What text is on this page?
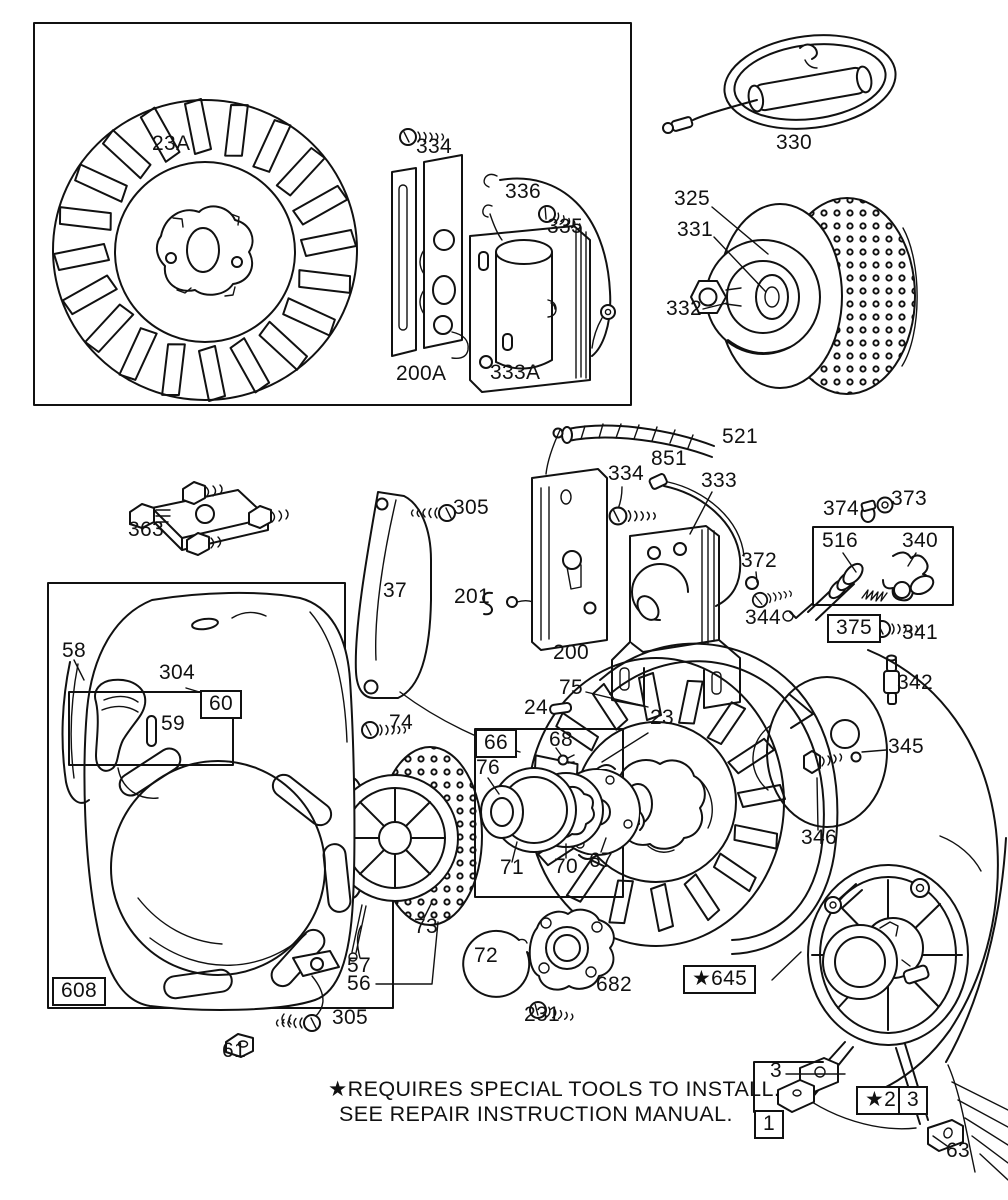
23A	334
336
335
200A 333A
330
325
331
332
521
851
334	333
363
305
37 201
200
372
344
374 373
516 340
375	341
342
58
304
60
59	74
75
24	23
345
346
66	68
76
71 70 67
73
57
56
608
305
61
72
682
231
★645
3
★2 3
1
63
★REQUIRES SPECIAL TOOLS TO INSTALL.
SEE REPAIR INSTRUCTION MANUAL.
